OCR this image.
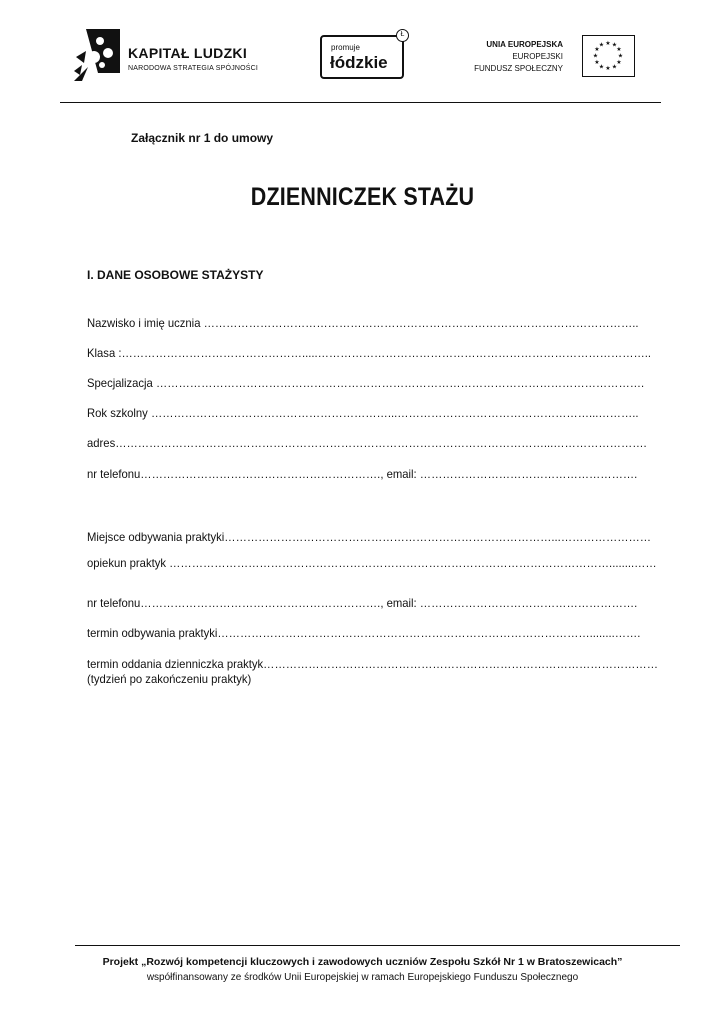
KAPITAŁ LUDZKI
NARODOWA STRATEGIA SPÓJNOŚCI
promuje
łódzkie
Ł
UNIA EUROPEJSKA
EUROPEJSKI
FUNDUSZ SPOŁECZNY
★ ★
★
★
★
★
★
★
★
★
★
★
Załącznik nr 1 do umowy
DZIENNICZEK STAŻU
I. DANE OSOBOWE STAŻYSTY
Nazwisko i imię ucznia ……………………………………………………………………………………………………..
Klasa :………………………………………….....……………………………………………………………………………..
Specjalizacja ………………………………………………………………………………………………………………….
Rok szkolny ………………………………………………………...……………………………………………...………..
adres……………………………………………………………………………………………………...…………………….
nr telefonu………………………………………………………., email: ………………………………………………….
Miejsce odbywania praktyki……………………………………………………………………………...……………………
opiekun praktyk ………………………………………………………………………………………………………........……
nr telefonu………………………………………………………., email: ………………………………………………….
termin odbywania praktyki………………………………………………………………………………………........…….
termin oddania dzienniczka praktyk……………………………………………………………………………………………
(tydzień po zakończeniu praktyk)
Projekt „Rozwój kompetencji kluczowych i zawodowych uczniów Zespołu Szkół Nr 1 w Bratoszewicach”
współfinansowany ze środków Unii Europejskiej w ramach Europejskiego Funduszu Społecznego
